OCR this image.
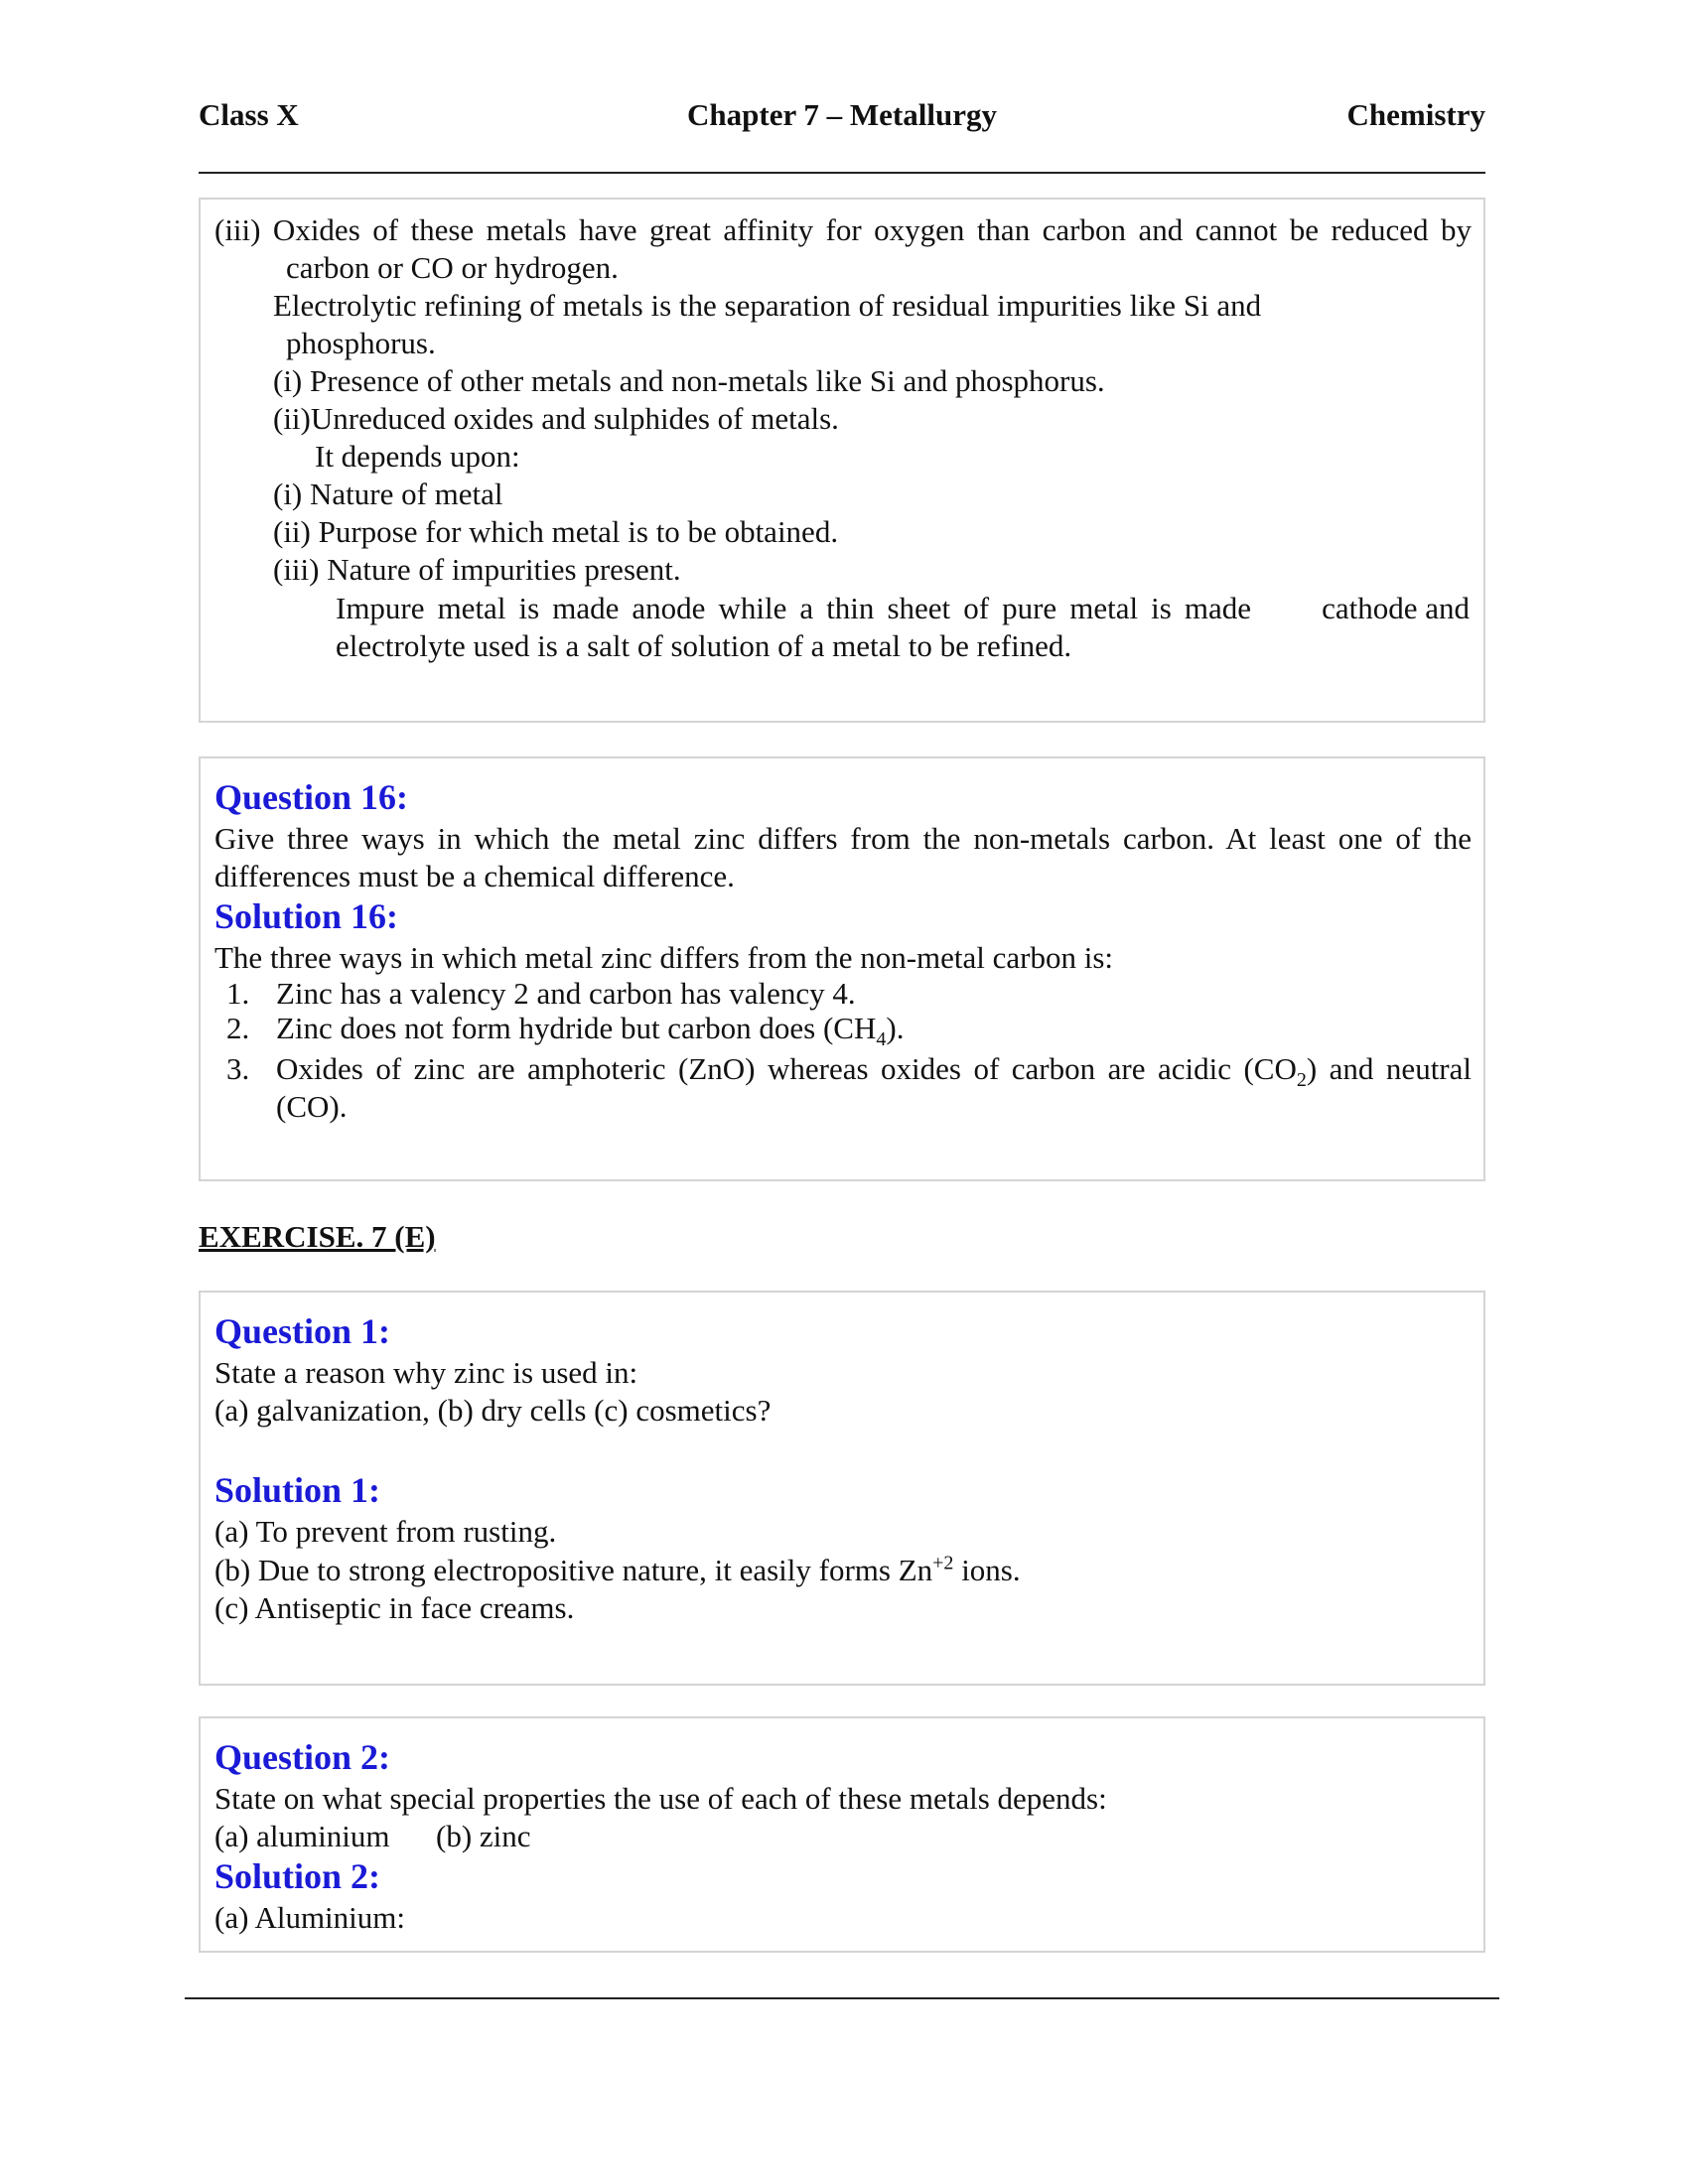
Class X	Chapter 7 – Metallurgy	Chemistry
(iii) Oxides of these metals have great affinity for oxygen than carbon and cannot be reduced by
carbon or CO or hydrogen.
Electrolytic refining of metals is the separation of residual impurities like Si and
phosphorus.
(i) Presence of other metals and non-metals like Si and phosphorus.
(ii)Unreduced oxides and sulphides of metals.
It depends upon:
(i) Nature of metal
(ii) Purpose for which metal is to be obtained.
(iii) Nature of impurities present.
Impure metal is made anode while a thin sheet of pure metal is made cathode and
electrolyte used is a salt of solution of a metal to be refined.
Question 16:
Give three ways in which the metal zinc differs from the non-metals carbon. At least one of the
differences must be a chemical difference.
Solution 16:
The three ways in which metal zinc differs from the non-metal carbon is:
1. Zinc has a valency 2 and carbon has valency 4.
2. Zinc does not form hydride but carbon does $(CH_4)$.
3. Oxides of zinc are amphoteric (ZnO) whereas oxides of carbon are acidic $(CO_2)$ and neutral
(CO).
EXERCISE. 7 (E)
Question 1:
State a reason why zinc is used in:
(a) galvanization, (b) dry cells (c) cosmetics?
Solution 1:
(a) To prevent from rusting.
(b) Due to strong electropositive nature, it easily forms $Zn^{+2}$ ions.
(c) Antiseptic in face creams.
Question 2:
State on what special properties the use of each of these metals depends:
(a) aluminium (b) zinc
Solution 2:
(a) Aluminium:
